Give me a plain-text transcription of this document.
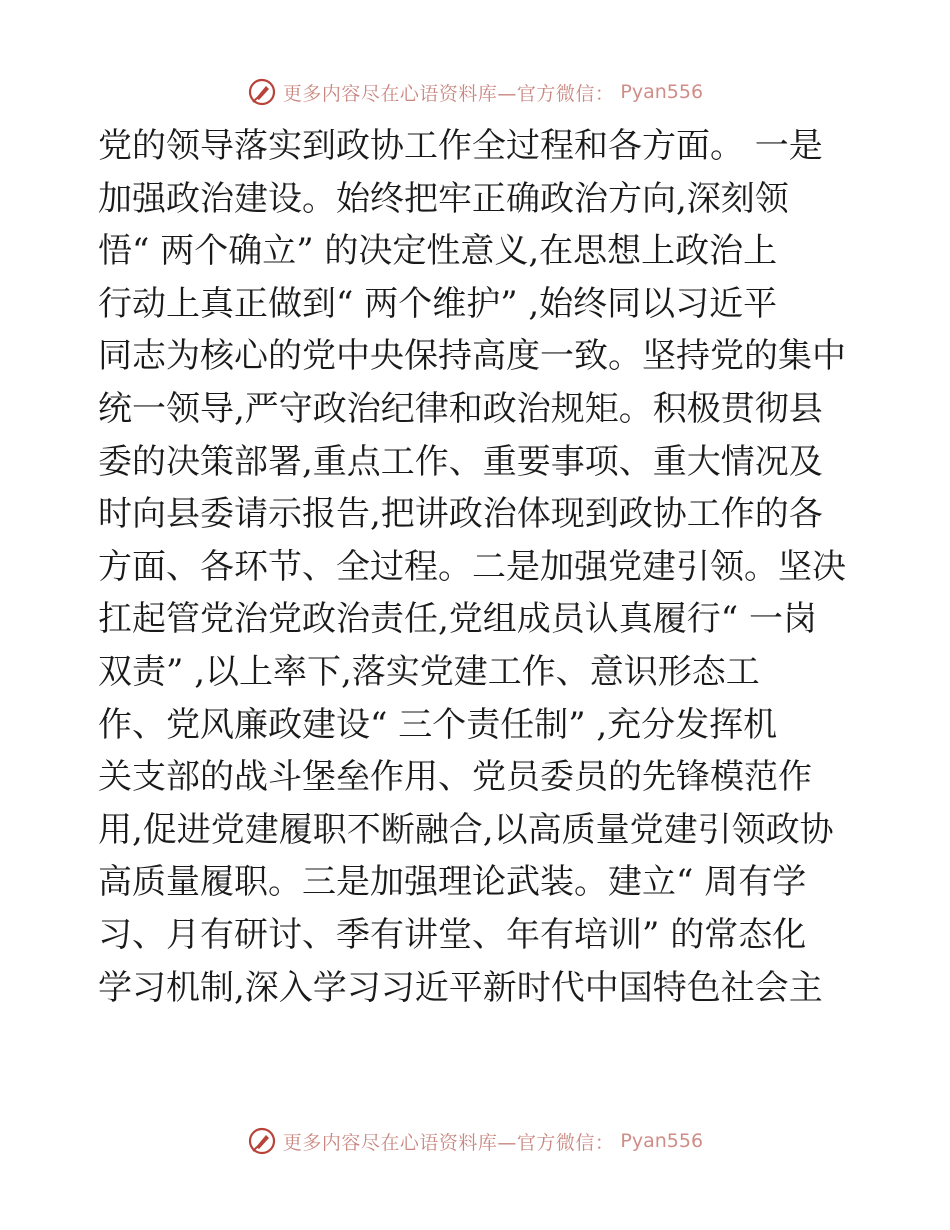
更多内容尽在心语资料库—官方微信： Pyan556
党的领导落实到政协工作全过程和各方面。 一是
加强政治建设。始终把牢正确政治方向,深刻领
悟“ 两个确立” 的决定性意义,在思想上政治上
行动上真正做到“ 两个维护” ,始终同以习近平
同志为核心的党中央保持高度一致。坚持党的集中
统一领导,严守政治纪律和政治规矩。积极贯彻县
委的决策部署,重点工作、重要事项、重大情况及
时向县委请示报告,把讲政治体现到政协工作的各
方面、各环节、全过程。二是加强党建引领。坚决
扛起管党治党政治责任,党组成员认真履行“ 一岗
双责” ,以上率下,落实党建工作、意识形态工
作、党风廉政建设“ 三个责任制” ,充分发挥机
关支部的战斗堡垒作用、党员委员的先锋模范作
用,促进党建履职不断融合,以高质量党建引领政协
高质量履职。三是加强理论武装。建立“ 周有学
习、月有研讨、季有讲堂、年有培训” 的常态化
学习机制,深入学习习近平新时代中国特色社会主
更多内容尽在心语资料库—官方微信： Pyan556
